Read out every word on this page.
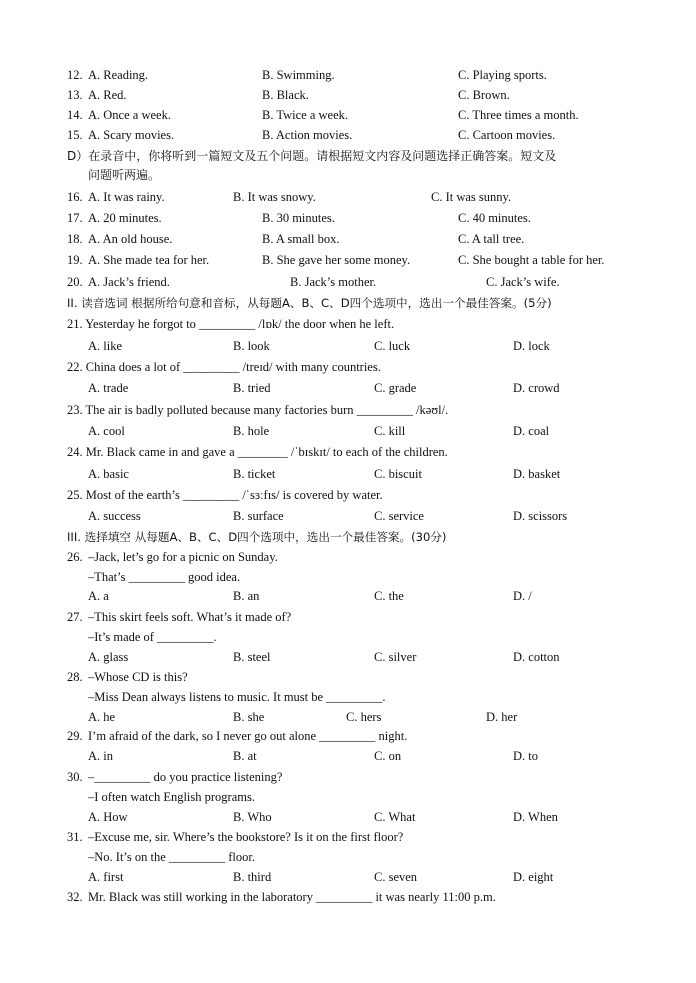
12. A. Reading.	B. Swimming.	C. Playing sports.
13. A. Red.	B. Black.	C. Brown.
14. A. Once a week.	B. Twice a week.	C. Three times a month.
15. A. Scary movies.	B. Action movies.	C. Cartoon movies.
D）在录音中，你将听到一篇短文及五个问题。请根据短文内容及问题选择正确答案。短文及
问题听两遍。
16. A. It was rainy.	B. It was snowy.	C. It was sunny.
17. A. 20 minutes.	B. 30 minutes.	C. 40 minutes.
18. A. An old house.	B. A small box.	C. A tall tree.
19. A. She made tea for her.	B. She gave her some money.	C. She bought a table for her.
20. A. Jack’s friend.	B. Jack’s mother.	C. Jack’s wife.
II. 读音选词 根据所给句意和音标，从每题A、B、C、D四个选项中，选出一个最佳答案。(5分)
21. Yesterday he forgot to _________ /lɒk/ the door when he left.
A. like	B. look	C. luck	D. lock
22. China does a lot of _________ /treɪd/ with many countries.
A. trade	B. tried	C. grade	D. crowd
23. The air is badly polluted because many factories burn _________ /kəʊl/.
A. cool	B. hole	C. kill	D. coal
24. Mr. Black came in and gave a ________ /ˈbɪskɪt/ to each of the children.
A. basic	B. ticket	C. biscuit	D. basket
25. Most of the earth’s _________ /ˈsɜːfɪs/ is covered by water.
A. success	B. surface	C. service	D. scissors
III. 选择填空 从每题A、B、C、D四个选项中，选出一个最佳答案。(30分)
26. –Jack, let’s go for a picnic on Sunday.
–That’s _________ good idea.
A. a	B. an	C. the	D. /
27. –This skirt feels soft. What’s it made of?
–It’s made of _________.
A. glass	B. steel	C. silver	D. cotton
28. –Whose CD is this?
–Miss Dean always listens to music. It must be _________.
A. he	B. she	C. hers	D. her
29. I’m afraid of the dark, so I never go out alone _________ night.
A. in	B. at	C. on	D. to
30. –_________ do you practice listening?
–I often watch English programs.
A. How	B. Who	C. What	D. When
31. –Excuse me, sir. Where’s the bookstore? Is it on the first floor?
–No. It’s on the _________ floor.
A. first	B. third	C. seven	D. eight
32. Mr. Black was still working in the laboratory _________ it was nearly 11:00 p.m.
